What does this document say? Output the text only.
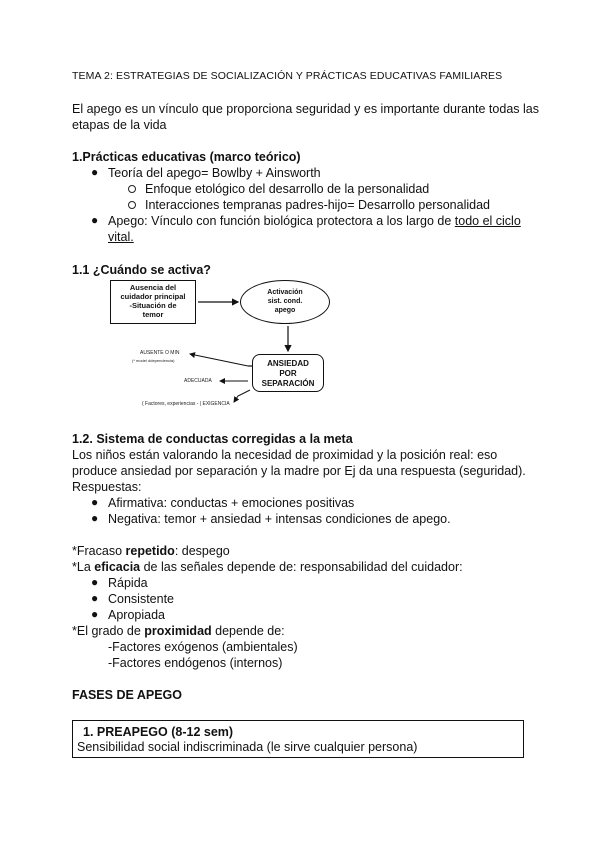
TEMA 2: ESTRATEGIAS DE SOCIALIZACIÓN Y PRÁCTICAS EDUCATIVAS FAMILIARES
El apego es un vínculo que proporciona seguridad y es importante durante todas las
etapas de la vida
1.Prácticas educativas (marco teórico)
● Teoría del apego= Bowlby + Ainsworth
Enfoque etológico del desarrollo de la personalidad
Interacciones tempranas padres-hijo= Desarrollo personalidad
● Apego: Vínculo con función biológica protectora a los largo de todo el ciclo
vital.
1.1 ¿Cuándo se activa?
Ausencia del
cuidador principal
-Situación de
temor
Activación
sist. cond.
apego
ANSIEDAD
POR
SEPARACIÓN
AUSENTE O MIN
(* model ddependencia)
ADECUADA
( Factores, experiencias - | EXIGENCIA
1.2. Sistema de conductas corregidas a la meta
Los niños están valorando la necesidad de proximidad y la posición real: eso
produce ansiedad por separación y la madre por Ej da una respuesta (seguridad).
Respuestas:
● Afirmativa: conductas + emociones positivas
● Negativa: temor + ansiedad + intensas condiciones de apego.
*Fracaso repetido: despego
*La eficacia de las señales depende de: responsabilidad del cuidador:
● Rápida
● Consistente
● Apropiada
*El grado de proximidad depende de:
-Factores exógenos (ambientales)
-Factores endógenos (internos)
FASES DE APEGO
1. PREAPEGO (8-12 sem)
Sensibilidad social indiscriminada (le sirve cualquier persona)
